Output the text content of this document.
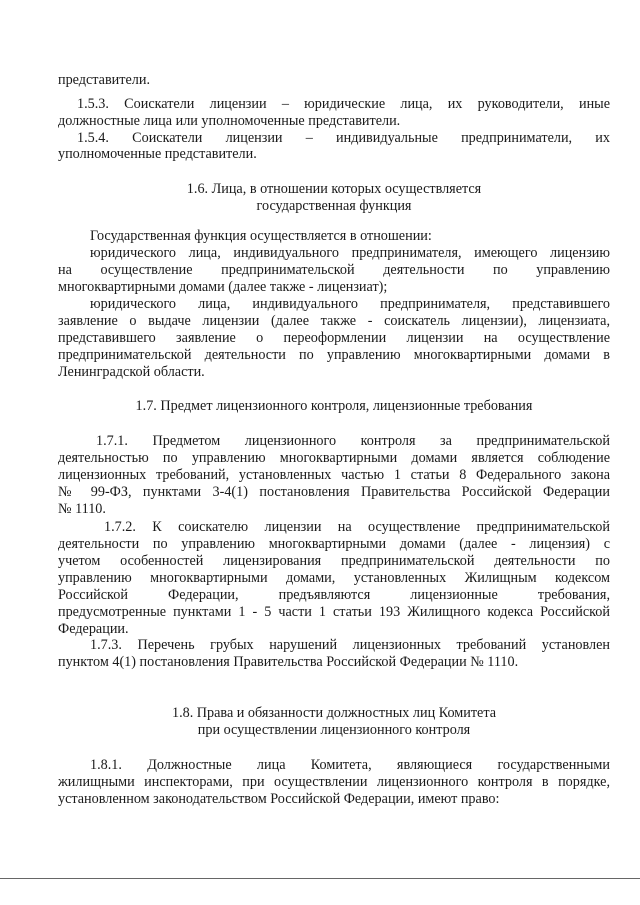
представители.

1.5.3. Соискатели лицензии – юридические лица, их руководители, иные

должностные лица или уполномоченные представители.

1.5.4. Соискатели лицензии – индивидуальные предприниматели, их

уполномоченные представители.

1.6. Лица, в отношении которых осуществляется

государственная функция

Государственная функция осуществляется в отношении:

юридического лица, индивидуального предпринимателя, имеющего лицензию

на осуществление предпринимательской деятельности по управлению

многоквартирными домами (далее также - лицензиат);

юридического лица, индивидуального предпринимателя, представившего

заявление о выдаче лицензии (далее также - соискатель лицензии), лицензиата,

представившего заявление о переоформлении лицензии на осуществление

предпринимательской деятельности по управлению многоквартирными домами в

Ленинградской области.

1.7. Предмет лицензионного контроля, лицензионные требования

1.7.1. Предметом лицензионного контроля за предпринимательской

деятельностью по управлению многоквартирными домами является соблюдение

лицензионных требований, установленных частью 1 статьи 8 Федерального закона

№ 99-ФЗ, пунктами 3-4(1) постановления Правительства Российской Федерации

№ 1110.

1.7.2. К соискателю лицензии на осуществление предпринимательской

деятельности по управлению многоквартирными домами (далее - лицензия) с

учетом особенностей лицензирования предпринимательской деятельности по

управлению многоквартирными домами, установленных Жилищным кодексом

Российской Федерации, предъявляются лицензионные требования,

предусмотренные пунктами 1 - 5 части 1 статьи 193 Жилищного кодекса Российской

Федерации.

1.7.3. Перечень грубых нарушений лицензионных требований установлен

пунктом 4(1) постановления Правительства Российской Федерации № 1110.

1.8. Права и обязанности должностных лиц Комитета

при осуществлении лицензионного контроля

1.8.1. Должностные лица Комитета, являющиеся государственными

жилищными инспекторами, при осуществлении лицензионного контроля в порядке,

установленном законодательством Российской Федерации, имеют право:
